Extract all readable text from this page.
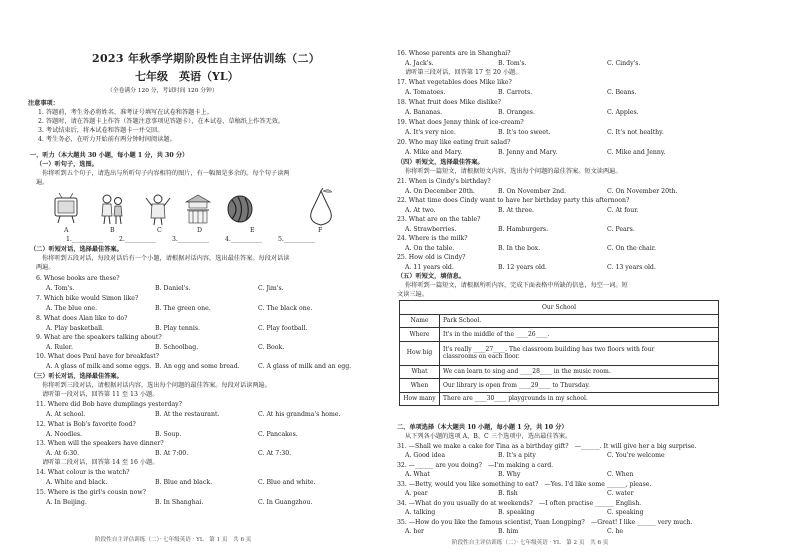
2023 年秋季学期阶段性自主评估训练（二）
七年级　英语（YL）
（全卷满分 120 分，考试时间 120 分钟）
注意事项：
1. 答题前，考生务必将姓名、准考证号填写在试卷和答题卡上。
2. 答题时，请在答题卡上作答（答题注意事项见答题卡），在本试卷、草稿纸上作答无效。
3. 考试结束后，将本试卷和答题卡一并交回。
4. 考生务必，在听力开始前有两分钟时间阅读题。
一、听力（本大题共 30 小题，每小题 1 分，共 30 分）
（一）听句子，选图。
你将听到五个句子，请选出与所听句子内容相符的图片，有一幅图是多余的。每个句子读两
遍。
A	B	C	D	E	F
1.__________	2.__________	3.__________	4.__________	5.__________
（二）听短对话，选择最佳答案。
你将听到五段对话，每段对话后有一个小题，请根据对话内容，选出最佳答案。每段对话读
两遍。
6. Whose books are these?
A. Tom's.	B. Daniel's.	C. Jim's.
7. Which bike would Simon like?
A. The blue one.	B. The green one.	C. The black one.
8. What does Alan like to do?
A. Play basketball.	B. Play tennis.	C. Play football.
9. What are the speakers talking about?
A. Ruler.	B. Schoolbag.	C. Book.
10. What does Paul have for breakfast?
A. A glass of milk and some eggs. B. An egg and some bread.	C. A glass of milk and an egg.
（三）听长对话，选择最佳答案。
你将听到三段对话，请根据对话内容，选出每个问题的最佳答案。每段对话读两遍。
请听第一段对话，回答第 11 至 13 小题。
11. Where did Bob have dumplings yesterday?
A. At school.	B. At the restaurant.	C. At his grandma's home.
12. What is Bob's favorite food?
A. Noodles.	B. Soup.	C. Pancakes.
13. When will the speakers have dinner?
A. At 6:30.	B. At 7:00.	C. At 7:30.
请听第二段对话，回答第 14 至 16 小题。
14. What colour is the watch?
A. White and black.	B. Blue and black.	C. Blue and white.
15. Where is the girl's cousin now?
A. In Beijing.	B. In Shanghai.	C. In Guangzhou.
阶段性自主评估训练（二）· 七年级英语 · YL　第 1 页　共 6 页
16. Whose parents are in Shanghai?
A. Jack's.	B. Tom's.	C. Cindy's.
请听第三段对话，回答第 17 至 20 小题。
17. What vegetables does Mike like?
A. Tomatoes.	B. Carrots.	C. Beans.
18. What fruit does Mike dislike?
A. Bananas.	B. Oranges.	C. Apples.
19. What does Jenny think of ice-cream?
A. It's very nice.	B. It's too sweet.	C. It's not healthy.
20. Who may like eating fruit salad?
A. Mike and Mary.	B. Jenny and Mary.	C. Mike and Jenny.
（四）听短文，选择最佳答案。
你将听到一篇短文，请根据短文内容，选出每个问题的最佳答案。短文读两遍。
21. When is Cindy's birthday?
A. On December 20th.	B. On November 2nd.	C. On November 20th.
22. What time does Cindy want to have her birthday party this afternoon?
A. At two.	B. At three.	C. At four.
23. What are on the table?
A. Strawberries.	B. Hamburgers.	C. Pears.
24. Where is the milk?
A. On the table.	B. In the box.	C. On the chair.
25. How old is Cindy?
A. 11 years old.	B. 12 years old.	C. 13 years old.
（五）听短文，填信息。
你将听到一篇短文，请根据所听内容，完成下面表格中所缺的信息，每空一词。短
文读三遍。
Our School	
Name	Park School.
Where	It's in the middle of the ____26____.
How big	It's really ____27____. The classroom building has two floors with four
classrooms on each floor.

What	We can learn to sing and ____28____ in the music room.
When	Our library is open from ____29____ to Thursday.
How many	There are ____30____ playgrounds in my school.
二、单项选择（本大题共 10 小题，每小题 1 分，共 10 分）
从下列各小题的选项 A、B、C 三个选项中，选出最佳答案。
31. —Shall we make a cake for Tina as a birthday gift?　—______. It will give her a big surprise.
A. Good idea	B. It's a pity	C. You're welcome
32. —______ are you doing?　—I'm making a card.
A. What	B. Why	C. When
33. —Betty, would you like something to eat?　—Yes. I'd like some ______, please.
A. pear	B. fish	C. water
34. —What do you usually do at weekends?　—I often practise ______ English.
A. talking	B. speaking	C. speaking
35. —How do you like the famous scientist, Yuan Longping?　—Great! I like ______ very much.
A. her	B. him	C. he
阶段性自主评估训练（二）· 七年级英语 · YL　第 2 页　共 6 页
